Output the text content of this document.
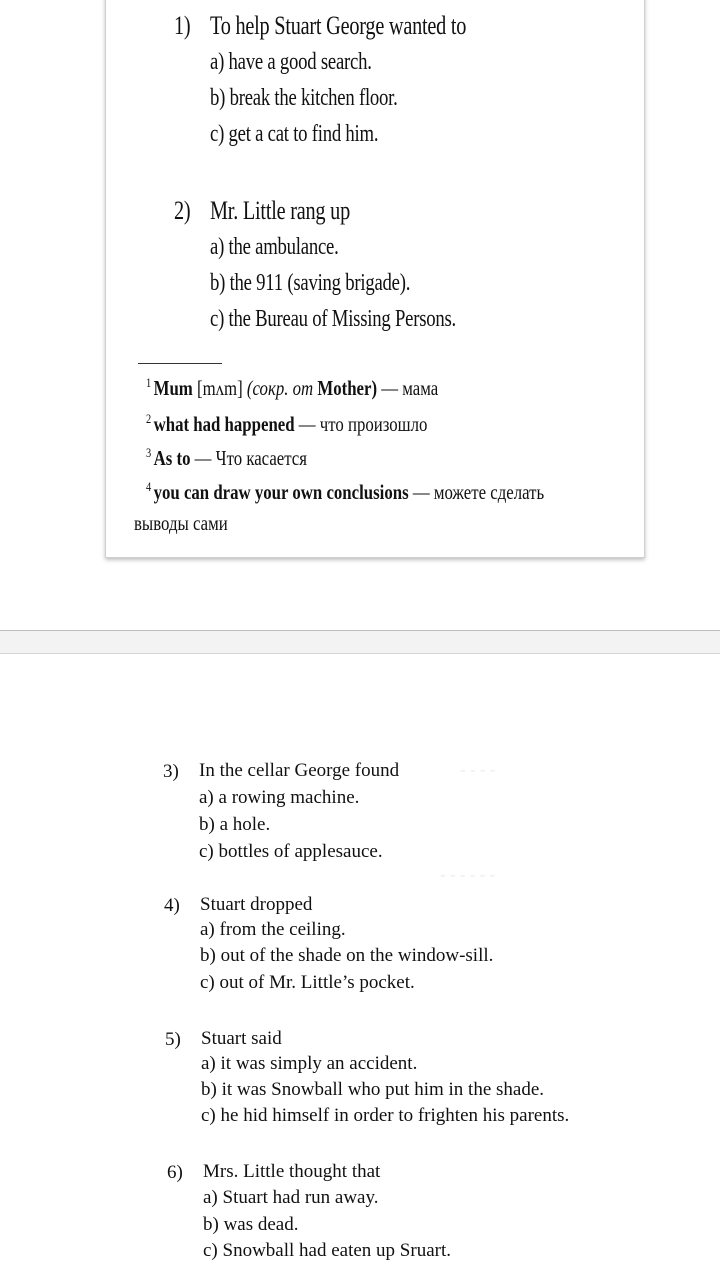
1) To help Stuart George wanted to
a) have a good search.
b) break the kitchen floor.
c) get a cat to find him.
2) Mr. Little rang up
a) the ambulance.
b) the 911 (saving brigade).
c) the Bureau of Missing Persons.
$^1$ Mum [mʌm] (сокр. от Mother) — мама
$^2$ what had happened — что произошло
$^3$ As to — Что касается
$^4$ you can draw your own conclusions — можете сделать
выводы сами
- - - -
- - - - - -
3) In the cellar George found
a) a rowing machine.
b) a hole.
c) bottles of applesauce.
4) Stuart dropped
a) from the ceiling.
b) out of the shade on the window-sill.
c) out of Mr. Little’s pocket.
5) Stuart said
a) it was simply an accident.
b) it was Snowball who put him in the shade.
c) he hid himself in order to frighten his parents.
6) Mrs. Little thought that
a) Stuart had run away.
b) was dead.
c) Snowball had eaten up Sruart.
